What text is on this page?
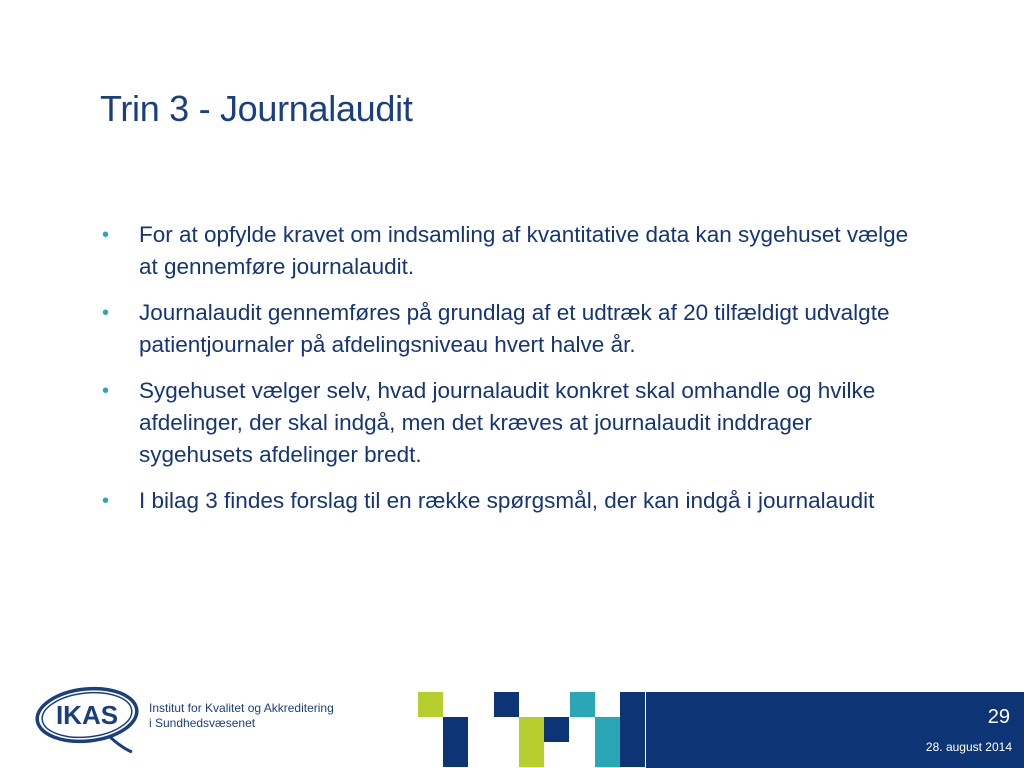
Trin 3 - Journalaudit
• For at opfylde kravet om indsamling af kvantitative data kan sygehuset vælge at gennemføre journalaudit.
• Journalaudit gennemføres på grundlag af et udtræk af 20 tilfældigt udvalgte patientjournaler på afdelingsniveau hvert halve år.
• Sygehuset vælger selv, hvad journalaudit konkret skal omhandle og hvilke afdelinger, der skal indgå, men det kræves at journalaudit inddrager sygehusets afdelinger bredt.
• I bilag 3 findes forslag til en række spørgsmål, der kan indgå i journalaudit
IKAS	Institut for Kvalitet og Akkreditering
i Sundhedsvæsenet	29
28. august 2014
